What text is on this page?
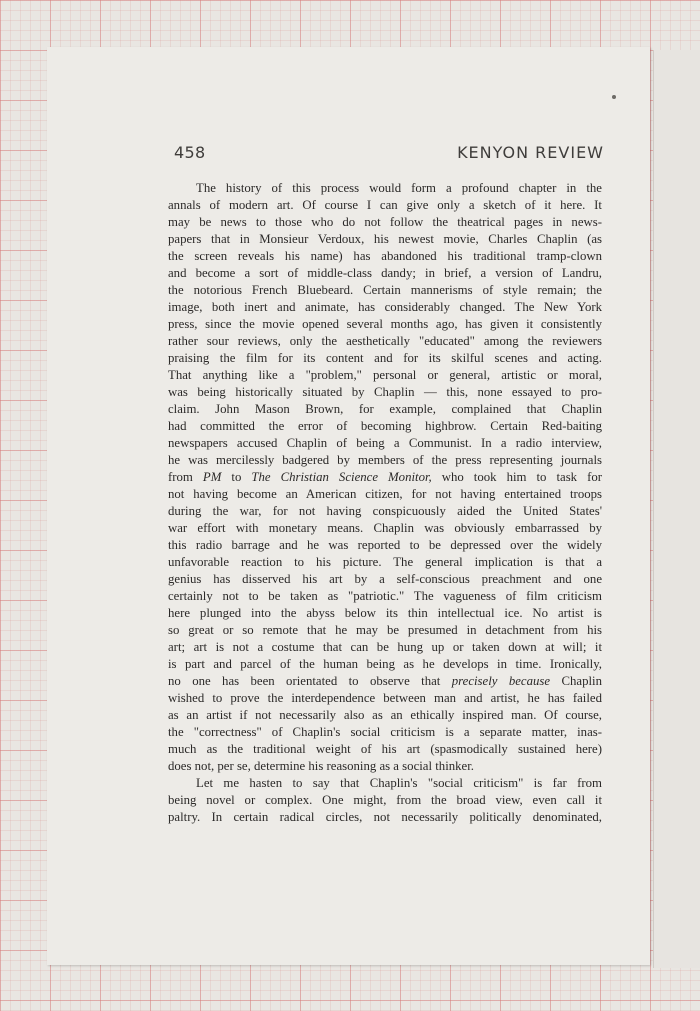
458	KENYON REVIEW
The history of this process would form a profound chapter in the
annals of modern art. Of course I can give only a sketch of it here. It
may be news to those who do not follow the theatrical pages in news-
papers that in Monsieur Verdoux, his newest movie, Charles Chaplin (as
the screen reveals his name) has abandoned his traditional tramp-clown
and become a sort of middle-class dandy; in brief, a version of Landru,
the notorious French Bluebeard. Certain mannerisms of style remain; the
image, both inert and animate, has considerably changed. The New York
press, since the movie opened several months ago, has given it consistently
rather sour reviews, only the aesthetically "educated" among the reviewers
praising the film for its content and for its skilful scenes and acting.
That anything like a "problem," personal or general, artistic or moral,
was being historically situated by Chaplin — this, none essayed to pro-
claim. John Mason Brown, for example, complained that Chaplin
had committed the error of becoming highbrow. Certain Red-baiting
newspapers accused Chaplin of being a Communist. In a radio interview,
he was mercilessly badgered by members of the press representing journals
from PM to The Christian Science Monitor, who took him to task for
not having become an American citizen, for not having entertained troops
during the war, for not having conspicuously aided the United States'
war effort with monetary means. Chaplin was obviously embarrassed by
this radio barrage and he was reported to be depressed over the widely
unfavorable reaction to his picture. The general implication is that a
genius has disserved his art by a self-conscious preachment and one
certainly not to be taken as "patriotic." The vagueness of film criticism
here plunged into the abyss below its thin intellectual ice. No artist is
so great or so remote that he may be presumed in detachment from his
art; art is not a costume that can be hung up or taken down at will; it
is part and parcel of the human being as he develops in time. Ironically,
no one has been orientated to observe that precisely because Chaplin
wished to prove the interdependence between man and artist, he has failed
as an artist if not necessarily also as an ethically inspired man. Of course,
the "correctness" of Chaplin's social criticism is a separate matter, inas-
much as the traditional weight of his art (spasmodically sustained here)
does not, per se, determine his reasoning as a social thinker.
Let me hasten to say that Chaplin's "social criticism" is far from
being novel or complex. One might, from the broad view, even call it
paltry. In certain radical circles, not necessarily politically denominated,
